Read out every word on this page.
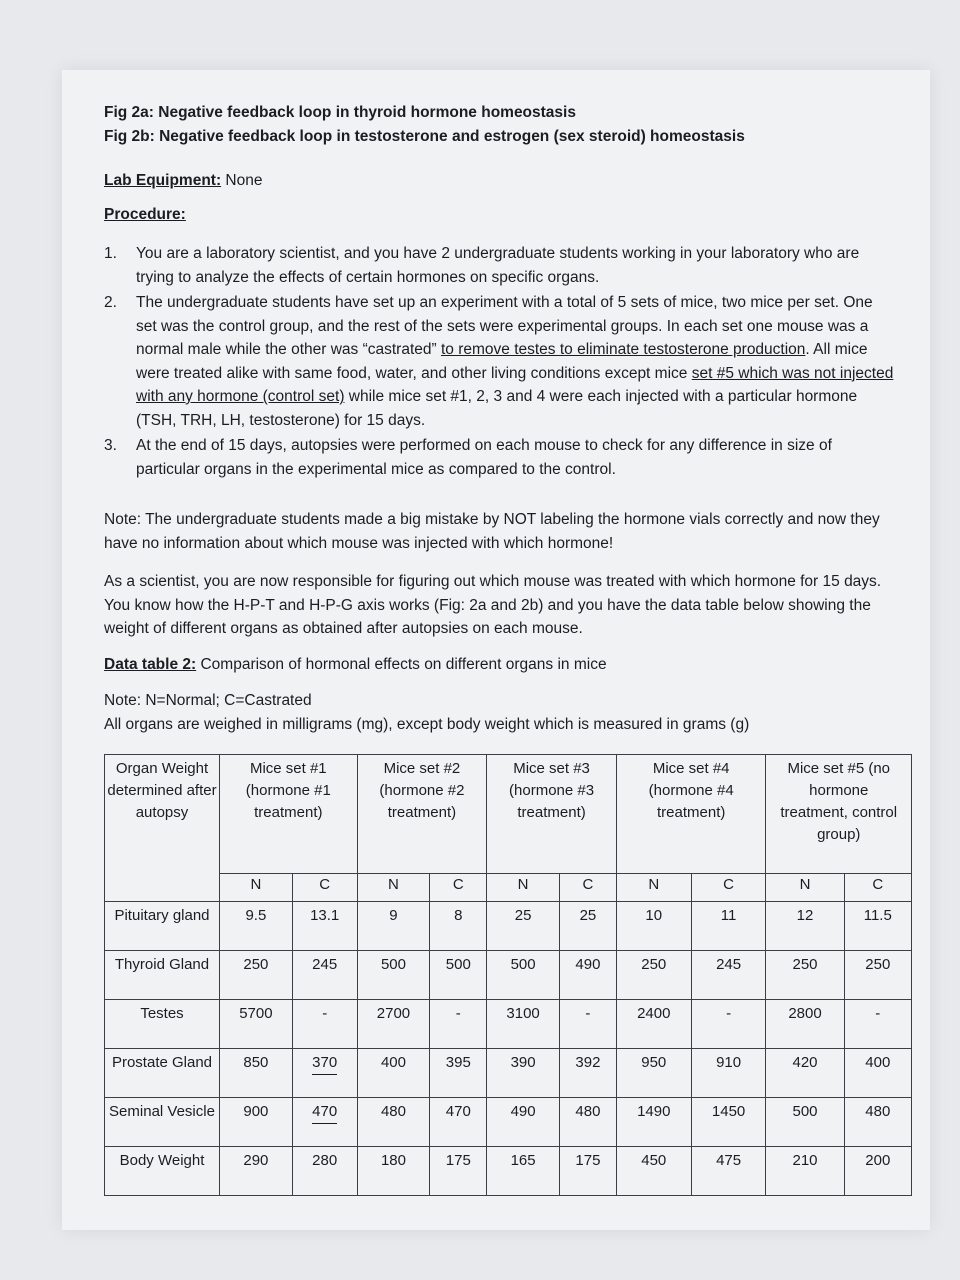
Fig 2a: Negative feedback loop in thyroid hormone homeostasis
Fig 2b: Negative feedback loop in testosterone and estrogen (sex steroid) homeostasis
Lab Equipment: None
Procedure:
1. You are a laboratory scientist, and you have 2 undergraduate students working in your laboratory who are trying to analyze the effects of certain hormones on specific organs.
2. The undergraduate students have set up an experiment with a total of 5 sets of mice, two mice per set. One set was the control group, and the rest of the sets were experimental groups. In each set one mouse was a normal male while the other was “castrated” to remove testes to eliminate testosterone production. All mice were treated alike with same food, water, and other living conditions except mice set #5 which was not injected with any hormone (control set) while mice set #1, 2, 3 and 4 were each injected with a particular hormone (TSH, TRH, LH, testosterone) for 15 days.
3. At the end of 15 days, autopsies were performed on each mouse to check for any difference in size of particular organs in the experimental mice as compared to the control.
Note: The undergraduate students made a big mistake by NOT labeling the hormone vials correctly and now they have no information about which mouse was injected with which hormone!
As a scientist, you are now responsible for figuring out which mouse was treated with which hormone for 15 days. You know how the H-P-T and H-P-G axis works (Fig: 2a and 2b) and you have the data table below showing the weight of different organs as obtained after autopsies on each mouse.
Data table 2: Comparison of hormonal effects on different organs in mice
Note: N=Normal; C=Castrated
All organs are weighed in milligrams (mg), except body weight which is measured in grams (g)
Organ Weight determined after autopsy	Mice set #1 (hormone #1 treatment)		Mice set #2 (hormone #2 treatment)		Mice set #3 (hormone #3 treatment)		Mice set #4 (hormone #4 treatment)		Mice set #5 (no hormone treatment, control group)	
	N	C	N	C	N	C	N	C	N	C
Pituitary gland	9.5	13.1	9	8	25	25	10	11	12	11.5
Thyroid Gland	250	245	500	500	500	490	250	245	250	250
Testes	5700	-	2700	-	3100	-	2400	-	2800	-
Prostate Gland	850	370	400	395	390	392	950	910	420	400
Seminal Vesicle	900	470	480	470	490	480	1490	1450	500	480
Body Weight	290	280	180	175	165	175	450	475	210	200
